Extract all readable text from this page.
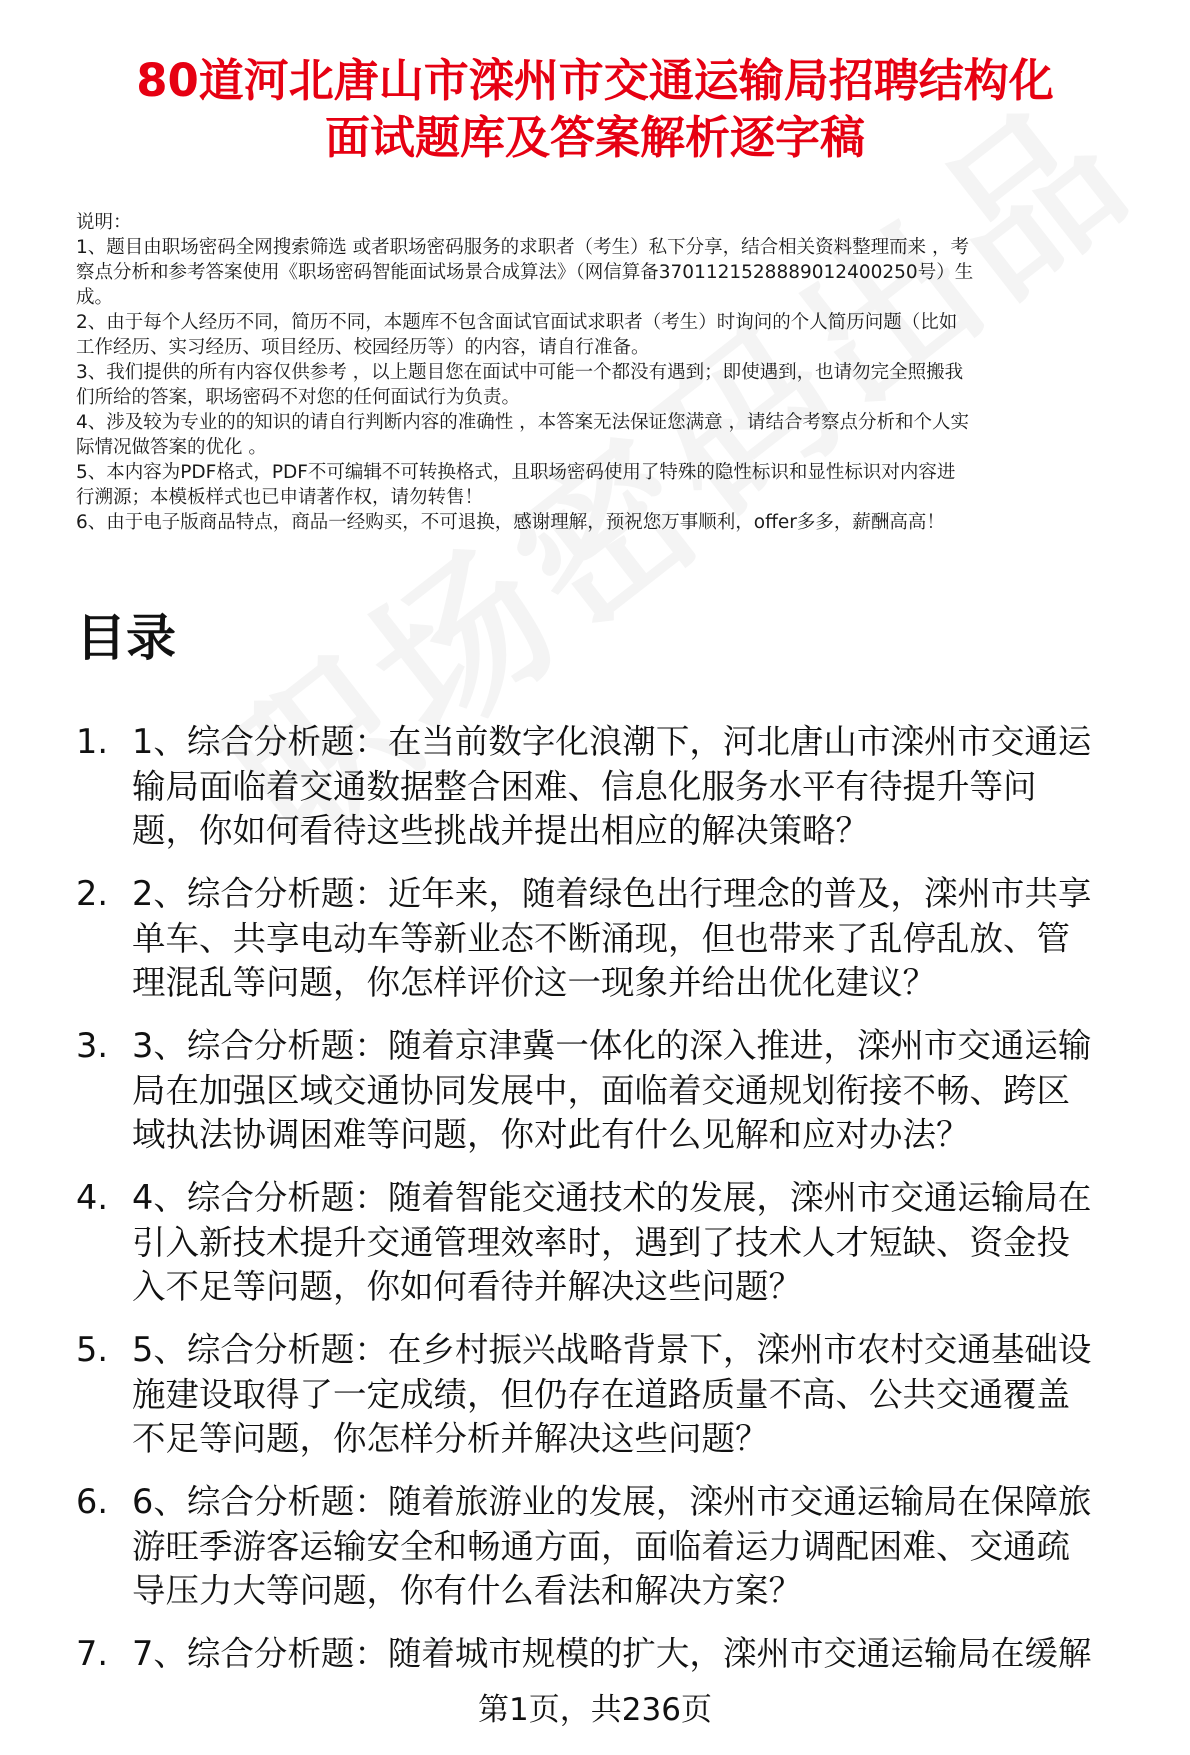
80道河北唐山市滦州市交通运输局招聘结构化
面试题库及答案解析逐字稿

说明：

1、题目由职场密码全网搜索筛选 或者职场密码服务的求职者（考生）私下分享，结合相关资料整理而来 ，考

察点分析和参考答案使用《职场密码智能面试场景合成算法》（网信算备3701121528889012400250号）生

成。

2、由于每个人经历不同，简历不同，本题库不包含面试官面试求职者（考生）时询问的个人简历问题（比如

工作经历、实习经历、项目经历、校园经历等）的内容，请自行准备。

3、我们提供的所有内容仅供参考 ，以上题目您在面试中可能一个都没有遇到；即使遇到，也请勿完全照搬我

们所给的答案，职场密码不对您的任何面试行为负责。

4、涉及较为专业的的知识的请自行判断内容的准确性 ，本答案无法保证您满意 ，请结合考察点分析和个人实

际情况做答案的优化 。

5、本内容为PDF格式，PDF不可编辑不可转换格式，且职场密码使用了特殊的隐性标识和显性标识对内容进

行溯源；本模板样式也已申请著作权，请勿转售！

6、由于电子版商品特点，商品一经购买，不可退换，感谢理解，预祝您万事顺利，offer多多，薪酬高高！

目录
1. 1、综合分析题：在当前数字化浪潮下，河北唐山市滦州市交通运
输局面临着交通数据整合困难、信息化服务水平有待提升等问
题，你如何看待这些挑战并提出相应的解决策略？
2. 2、综合分析题：近年来，随着绿色出行理念的普及，滦州市共享
单车、共享电动车等新业态不断涌现，但也带来了乱停乱放、管
理混乱等问题，你怎样评价这一现象并给出优化建议？
3. 3、综合分析题：随着京津冀一体化的深入推进，滦州市交通运输
局在加强区域交通协同发展中，面临着交通规划衔接不畅、跨区
域执法协调困难等问题，你对此有什么见解和应对办法？
4. 4、综合分析题：随着智能交通技术的发展，滦州市交通运输局在
引入新技术提升交通管理效率时，遇到了技术人才短缺、资金投
入不足等问题，你如何看待并解决这些问题？
5. 5、综合分析题：在乡村振兴战略背景下，滦州市农村交通基础设
施建设取得了一定成绩，但仍存在道路质量不高、公共交通覆盖
不足等问题，你怎样分析并解决这些问题？
6. 6、综合分析题：随着旅游业的发展，滦州市交通运输局在保障旅
游旺季游客运输安全和畅通方面，面临着运力调配困难、交通疏
导压力大等问题，你有什么看法和解决方案？
7. 7、综合分析题：随着城市规模的扩大，滦州市交通运输局在缓解
第1页，共236页
